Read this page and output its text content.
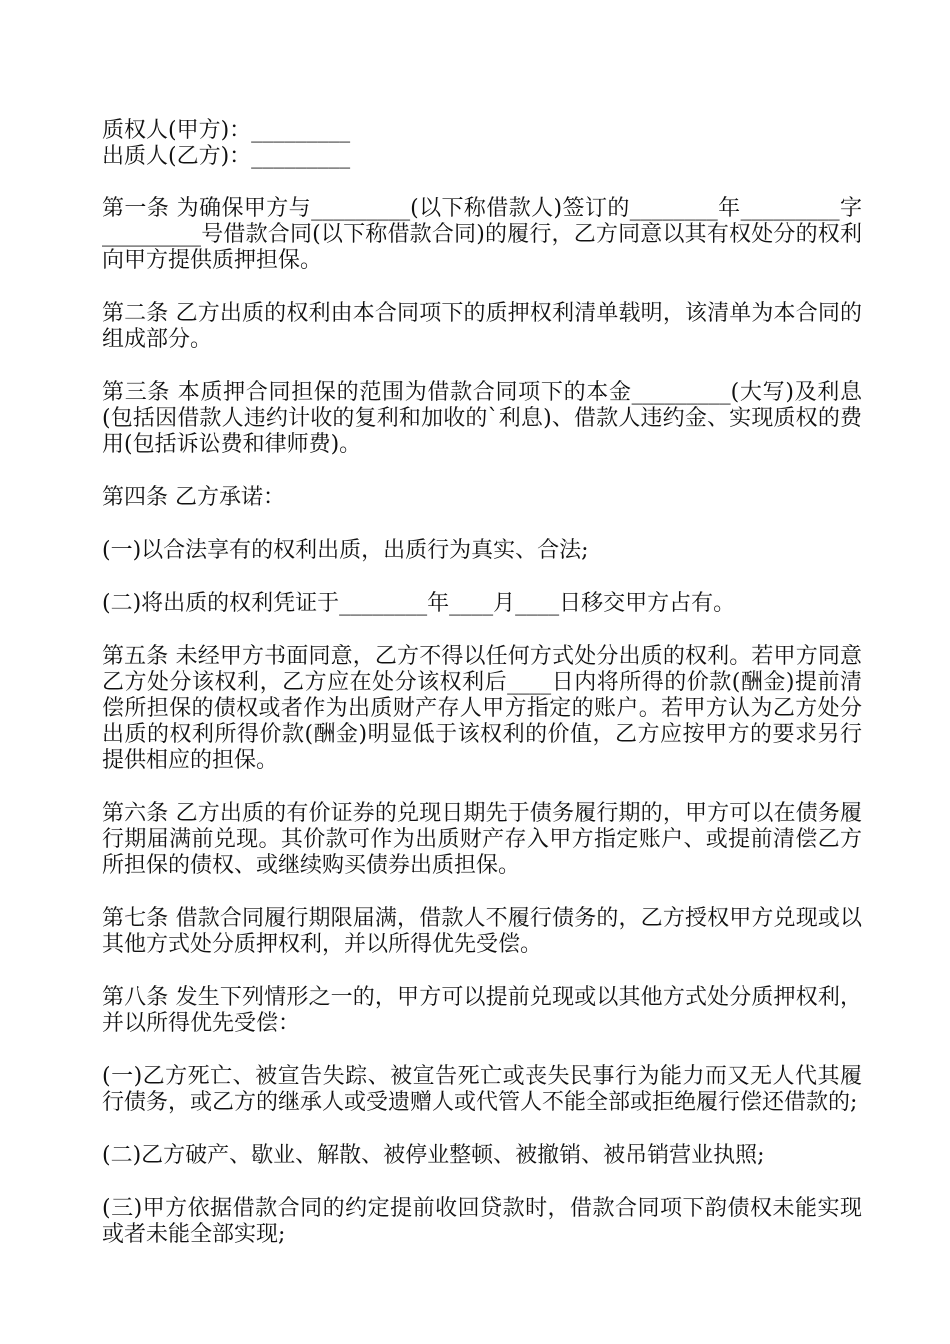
质权人(甲方)：_________

出质人(乙方)：_________

第一条 为确保甲方与_________(以下称借款人)签订的________年_________字_________号借款合同(以下称借款合同)的履行，乙方同意以其有权处分的权利向甲方提供质押担保。

第二条 乙方出质的权利由本合同项下的质押权利清单载明，该清单为本合同的组成部分。

第三条 本质押合同担保的范围为借款合同项下的本金_________(大写)及利息(包括因借款人违约计收的复利和加收的`利息)、借款人违约金、实现质权的费用(包括诉讼费和律师费)。

第四条 乙方承诺：

(一)以合法享有的权利出质，出质行为真实、合法;

(二)将出质的权利凭证于________年____月____日移交甲方占有。

第五条 未经甲方书面同意，乙方不得以任何方式处分出质的权利。若甲方同意乙方处分该权利，乙方应在处分该权利后____日内将所得的价款(酬金)提前清偿所担保的债权或者作为出质财产存人甲方指定的账户。若甲方认为乙方处分出质的权利所得价款(酬金)明显低于该权利的价值，乙方应按甲方的要求另行提供相应的担保。

第六条 乙方出质的有价证券的兑现日期先于债务履行期的，甲方可以在债务履行期届满前兑现。其价款可作为出质财产存入甲方指定账户、或提前清偿乙方所担保的债权、或继续购买债券出质担保。

第七条 借款合同履行期限届满，借款人不履行债务的，乙方授权甲方兑现或以其他方式处分质押权利，并以所得优先受偿。

第八条 发生下列情形之一的，甲方可以提前兑现或以其他方式处分质押权利，并以所得优先受偿：

(一)乙方死亡、被宣告失踪、被宣告死亡或丧失民事行为能力而又无人代其履行债务，或乙方的继承人或受遗赠人或代管人不能全部或拒绝履行偿还借款的;

(二)乙方破产、歇业、解散、被停业整顿、被撤销、被吊销营业执照;

(三)甲方依据借款合同的约定提前收回贷款时，借款合同项下韵债权未能实现或者未能全部实现;
